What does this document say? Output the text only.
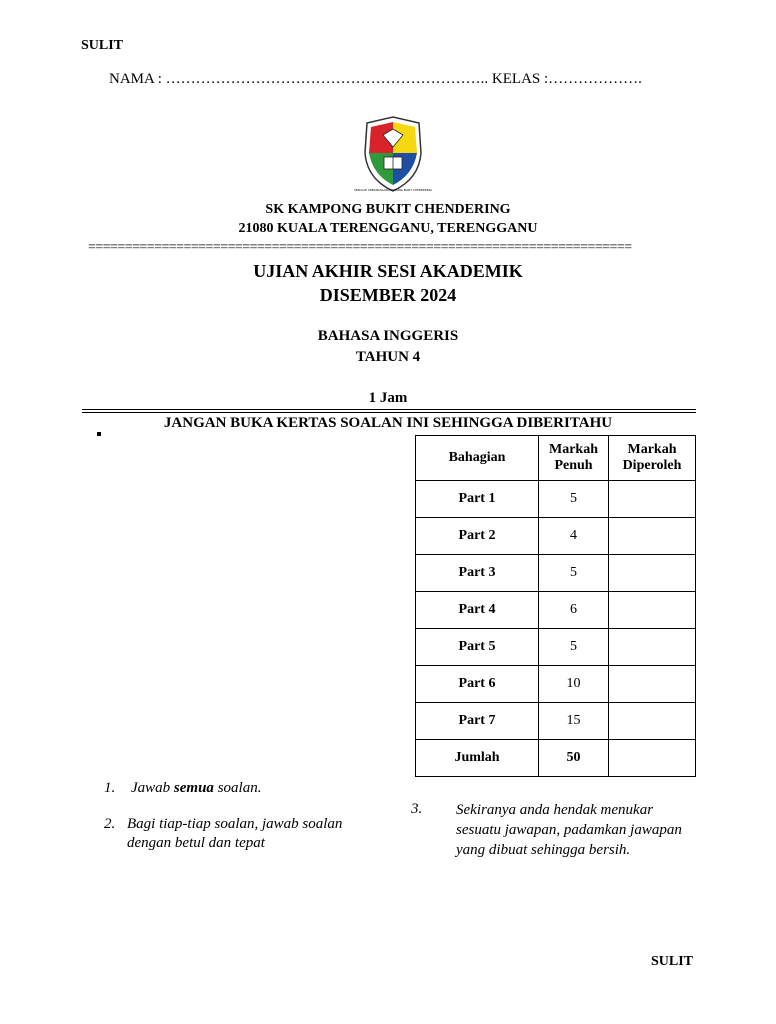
SULIT
NAMA : ……………………………………………………….. KELAS :……………….
SEKOLAH KEBANGSAAN KAMPONG BUKIT CHENDERING
SK KAMPONG BUKIT CHENDERING
21080 KUALA TERENGGANU, TERENGGANU
==========================================================================
UJIAN AKHIR SESI AKADEMIK
DISEMBER 2024
BAHASA INGGERIS
TAHUN 4
1 Jam
JANGAN BUKA KERTAS SOALAN INI SEHINGGA DIBERITAHU
Bahagian	Markah Penuh	Markah Diperoleh
Part 1	5	
Part 2	4	
Part 3	5	
Part 4	6	
Part 5	5	
Part 6	10	
Part 7	15	
Jumlah	50	
1. Jawab semua soalan.
2. Bagi tiap-tiap soalan, jawab soalan dengan betul dan tepat
3. Sekiranya anda hendak menukar sesuatu jawapan, padamkan jawapan yang dibuat sehingga bersih.
SULIT
